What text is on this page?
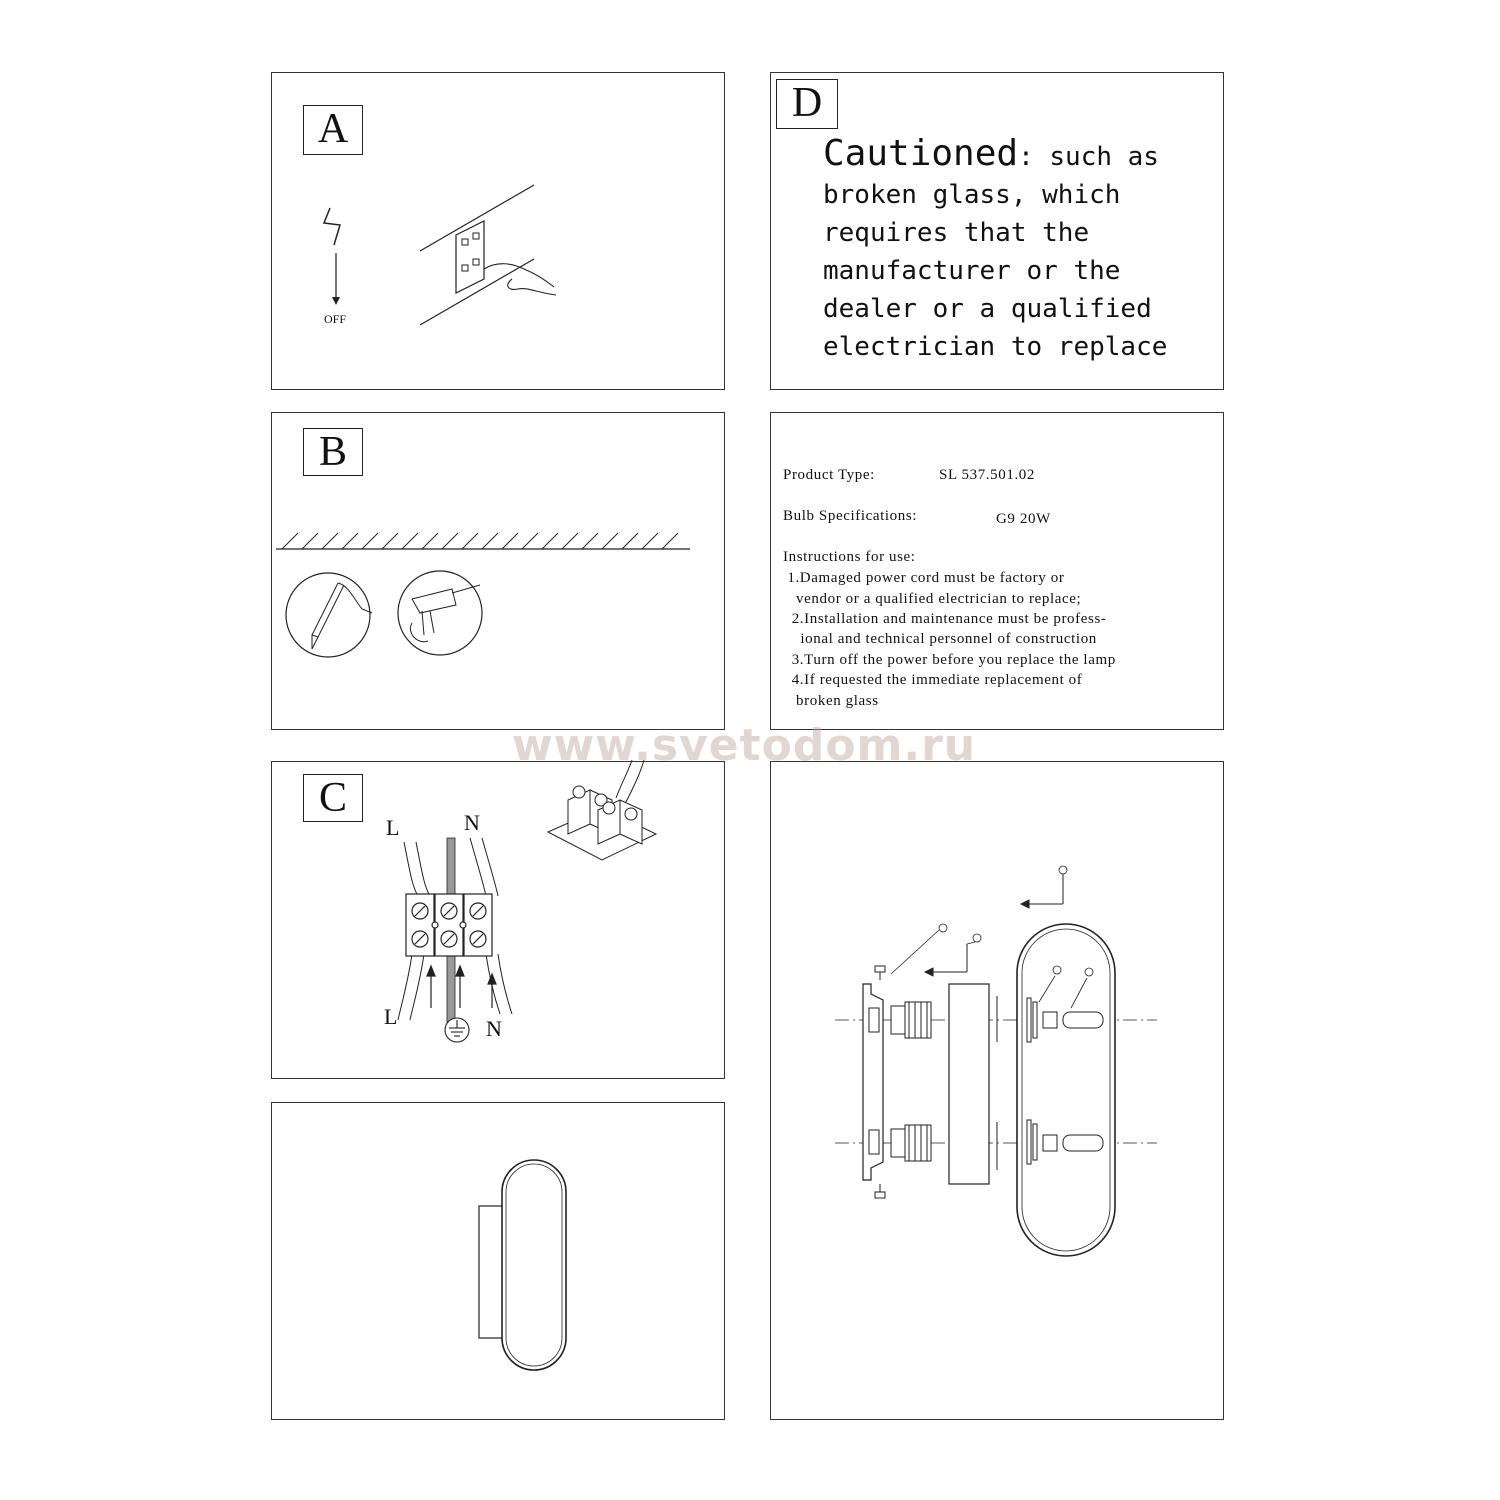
A
OFF
D
Cautioned: such as
broken glass, which
requires that the
manufacturer or the
dealer or a qualified
electrician to replace
B	Product Type:	SL 537.501.02
Bulb Specifications:	G9 20W
Instructions for use:
1.Damaged power cord must be factory or
vendor or a qualified electrician to replace;
2.Installation and maintenance must be profess-
ional and technical personnel of construction
3.Turn off the power before you replace the lamp
4.If requested the immediate replacement of
broken glass
C
L	N
L	N
www.svetodom.ru
